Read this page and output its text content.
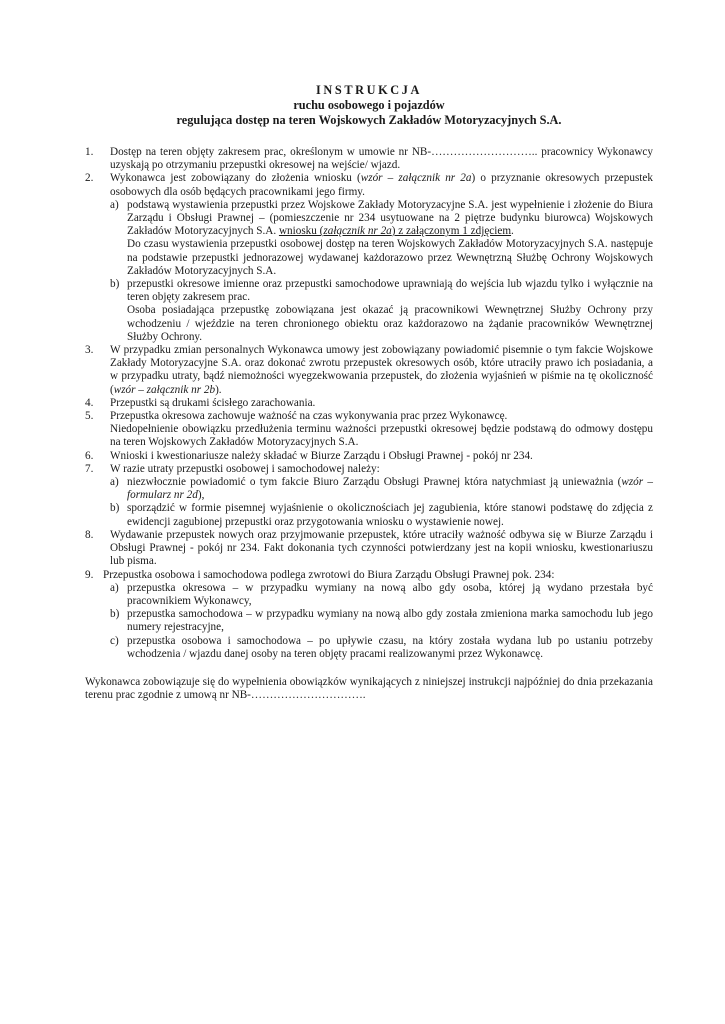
INSTRUKCJA
ruchu osobowego i pojazdów
regulująca dostęp na teren Wojskowych Zakładów Motoryzacyjnych S.A.
1. Dostęp na teren objęty zakresem prac, określonym w umowie nr NB-……………………….. pracownicy Wykonawcy uzyskają po otrzymaniu przepustki okresowej na wejście/ wjazd.
2. Wykonawca jest zobowiązany do złożenia wniosku (wzór – załącznik nr 2a) o przyznanie okresowych przepustek osobowych dla osób będących pracownikami jego firmy.
a) podstawą wystawienia przepustki przez Wojskowe Zakłady Motoryzacyjne S.A. jest wypełnienie i złożenie do Biura Zarządu i Obsługi Prawnej – (pomieszczenie nr 234 usytuowane na 2 piętrze budynku biurowca) Wojskowych Zakładów Motoryzacyjnych S.A. wniosku (załącznik nr 2a) z załączonym 1 zdjęciem.
Do czasu wystawienia przepustki osobowej dostęp na teren Wojskowych Zakładów Motoryzacyjnych S.A. następuje na podstawie przepustki jednorazowej wydawanej każdorazowo przez Wewnętrzną Służbę Ochrony Wojskowych Zakładów Motoryzacyjnych S.A.
b) przepustki okresowe imienne oraz przepustki samochodowe uprawniają do wejścia lub wjazdu tylko i wyłącznie na teren objęty zakresem prac.
Osoba posiadająca przepustkę zobowiązana jest okazać ją pracownikowi Wewnętrznej Służby Ochrony przy wchodzeniu / wjeździe na teren chronionego obiektu oraz każdorazowo na żądanie pracowników Wewnętrznej Służby Ochrony.
3. W przypadku zmian personalnych Wykonawca umowy jest zobowiązany powiadomić pisemnie o tym fakcie Wojskowe Zakłady Motoryzacyjne S.A. oraz dokonać zwrotu przepustek okresowych osób, które utraciły prawo ich posiadania, a w przypadku utraty, bądź niemożności wyegzekwowania przepustek, do złożenia wyjaśnień w piśmie na tę okoliczność (wzór – załącznik nr 2b).
4. Przepustki są drukami ścisłego zarachowania.
5. Przepustka okresowa zachowuje ważność na czas wykonywania prac przez Wykonawcę.
Niedopełnienie obowiązku przedłużenia terminu ważności przepustki okresowej będzie podstawą do odmowy dostępu na teren Wojskowych Zakładów Motoryzacyjnych S.A.
6. Wnioski i kwestionariusze należy składać w Biurze Zarządu i Obsługi Prawnej - pokój nr 234.
7. W razie utraty przepustki osobowej i samochodowej należy:
a) niezwłocznie powiadomić o tym fakcie Biuro Zarządu Obsługi Prawnej która natychmiast ją unieważnia (wzór – formularz nr 2d),
b) sporządzić w formie pisemnej wyjaśnienie o okolicznościach jej zagubienia, które stanowi podstawę do zdjęcia z ewidencji zagubionej przepustki oraz przygotowania wniosku o wystawienie nowej.
8. Wydawanie przepustek nowych oraz przyjmowanie przepustek, które utraciły ważność odbywa się w Biurze Zarządu i Obsługi Prawnej - pokój nr 234. Fakt dokonania tych czynności potwierdzany jest na kopii wniosku, kwestionariuszu lub pisma.
9. Przepustka osobowa i samochodowa podlega zwrotowi do Biura Zarządu Obsługi Prawnej pok. 234:
a) przepustka okresowa – w przypadku wymiany na nową albo gdy osoba, której ją wydano przestała być pracownikiem Wykonawcy,
b) przepustka samochodowa – w przypadku wymiany na nową albo gdy została zmieniona marka samochodu lub jego numery rejestracyjne,
c) przepustka osobowa i samochodowa – po upływie czasu, na który została wydana lub po ustaniu potrzeby wchodzenia / wjazdu danej osoby na teren objęty pracami realizowanymi przez Wykonawcę.
Wykonawca zobowiązuje się do wypełnienia obowiązków wynikających z niniejszej instrukcji najpóźniej do dnia przekazania terenu prac zgodnie z umową nr NB-………………………….
